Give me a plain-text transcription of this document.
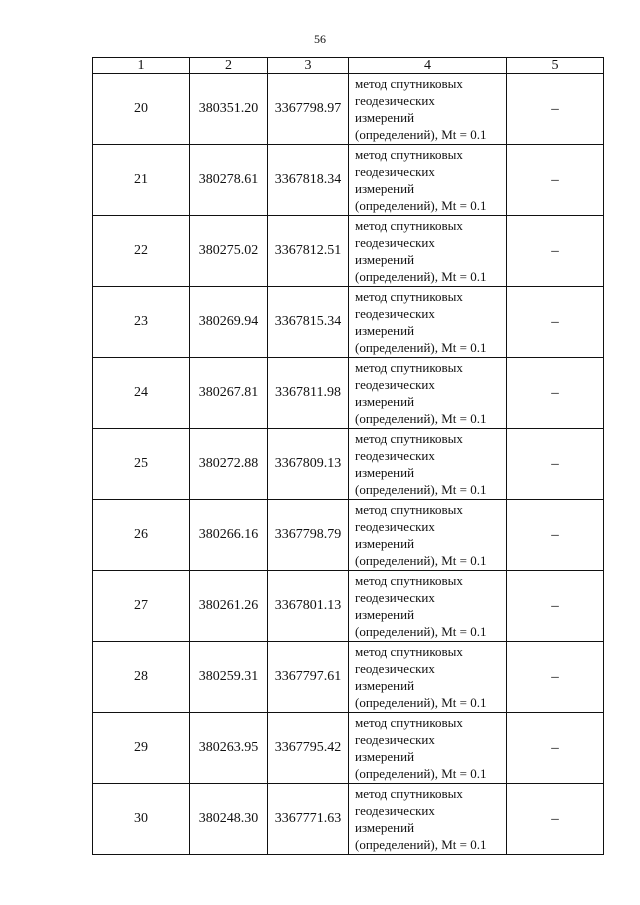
56
1	2	3	4	5
20	380351.20	3367798.97	метод спутниковых
геодезических
измерений
(определений), Mt = 0.1	–
21	380278.61	3367818.34	метод спутниковых
геодезических
измерений
(определений), Mt = 0.1	–
22	380275.02	3367812.51	метод спутниковых
геодезических
измерений
(определений), Mt = 0.1	–
23	380269.94	3367815.34	метод спутниковых
геодезических
измерений
(определений), Mt = 0.1	–
24	380267.81	3367811.98	метод спутниковых
геодезических
измерений
(определений), Mt = 0.1	–
25	380272.88	3367809.13	метод спутниковых
геодезических
измерений
(определений), Mt = 0.1	–
26	380266.16	3367798.79	метод спутниковых
геодезических
измерений
(определений), Mt = 0.1	–
27	380261.26	3367801.13	метод спутниковых
геодезических
измерений
(определений), Mt = 0.1	–
28	380259.31	3367797.61	метод спутниковых
геодезических
измерений
(определений), Mt = 0.1	–
29	380263.95	3367795.42	метод спутниковых
геодезических
измерений
(определений), Mt = 0.1	–
30	380248.30	3367771.63	метод спутниковых
геодезических
измерений
(определений), Mt = 0.1	–
